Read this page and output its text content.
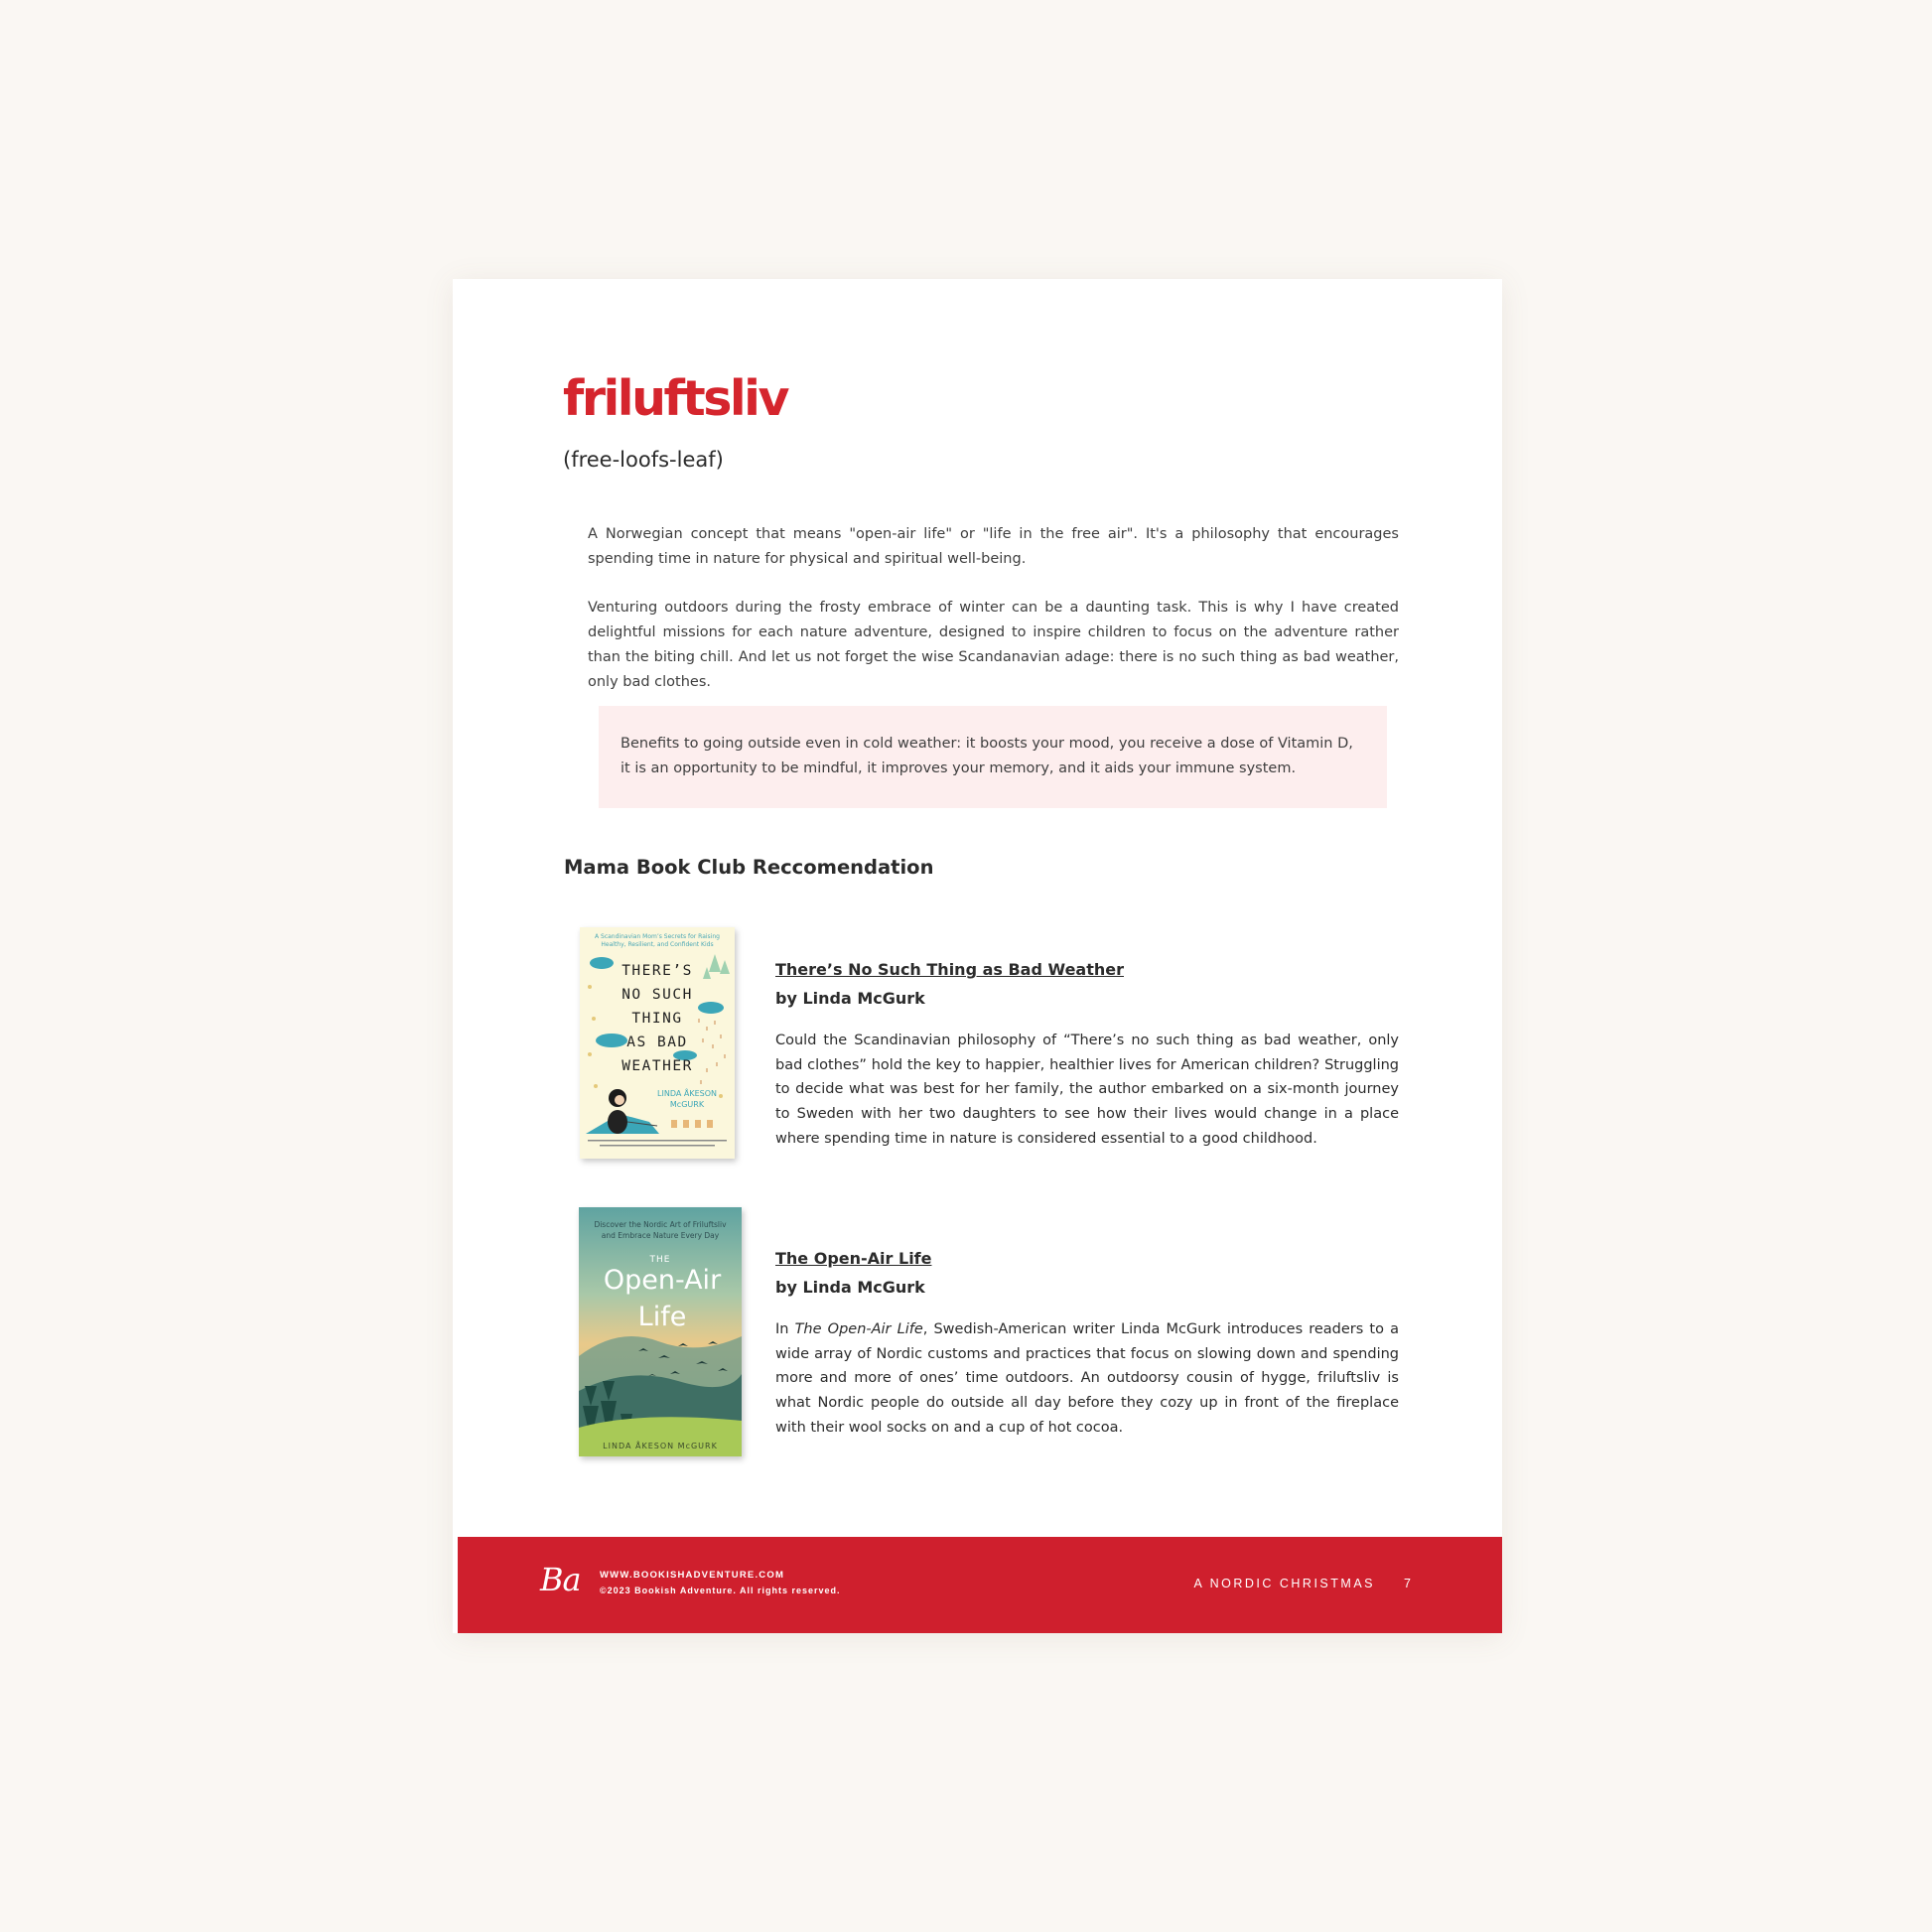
friluftsliv

(free-loofs-leaf)

A Norwegian concept that means "open-air life" or "life in the free air". It's a philosophy that encourages spending time in nature for physical and spiritual well-being.

Venturing outdoors during the frosty embrace of winter can be a daunting task. This is why I have created delightful missions for each nature adventure, designed to inspire children to focus on the adventure rather than the biting chill. And let us not forget the wise Scandanavian adage: there is no such thing as bad weather, only bad clothes.

Benefits to going outside even in cold weather: it boosts your mood, you receive a dose of Vitamin D, it is an opportunity to be mindful, it improves your memory, and it aids your immune system.
Mama Book Club Reccomendation
A Scandinavian Mom’s Secrets for Raising
Healthy, Resilient, and Confident Kids
THERE’S
NO SUCH
THING
AS BAD
WEATHER
LINDA ÅKESON
McGURK

There’s No Such Thing as Bad Weather

by Linda McGurk

Could the Scandinavian philosophy of “There’s no such thing as bad weather, only bad clothes” hold the key to happier, healthier lives for American children? Struggling to decide what was best for her family, the author embarked on a six-month journey to Sweden with her two daughters to see how their lives would change in a place where spending time in nature is considered essential to a good childhood.

Discover the Nordic Art of Friluftsliv
and Embrace Nature Every Day
THE
Open-Air
Life
LINDA ÅKESON McGURK

The Open-Air Life

by Linda McGurk

In The Open-Air Life, Swedish-American writer Linda McGurk introduces readers to a wide array of Nordic customs and practices that focus on slowing down and spending more and more of ones’ time outdoors. An outdoorsy cousin of hygge, friluftsliv is what Nordic people do outside all day before they cozy up in front of the fireplace with their wool socks on and a cup of hot cocoa.

Ba WWW.BOOKISHADVENTURE.COM
©2023 Bookish Adventure. All rights reserved.	A NORDIC CHRISTMAS 7
